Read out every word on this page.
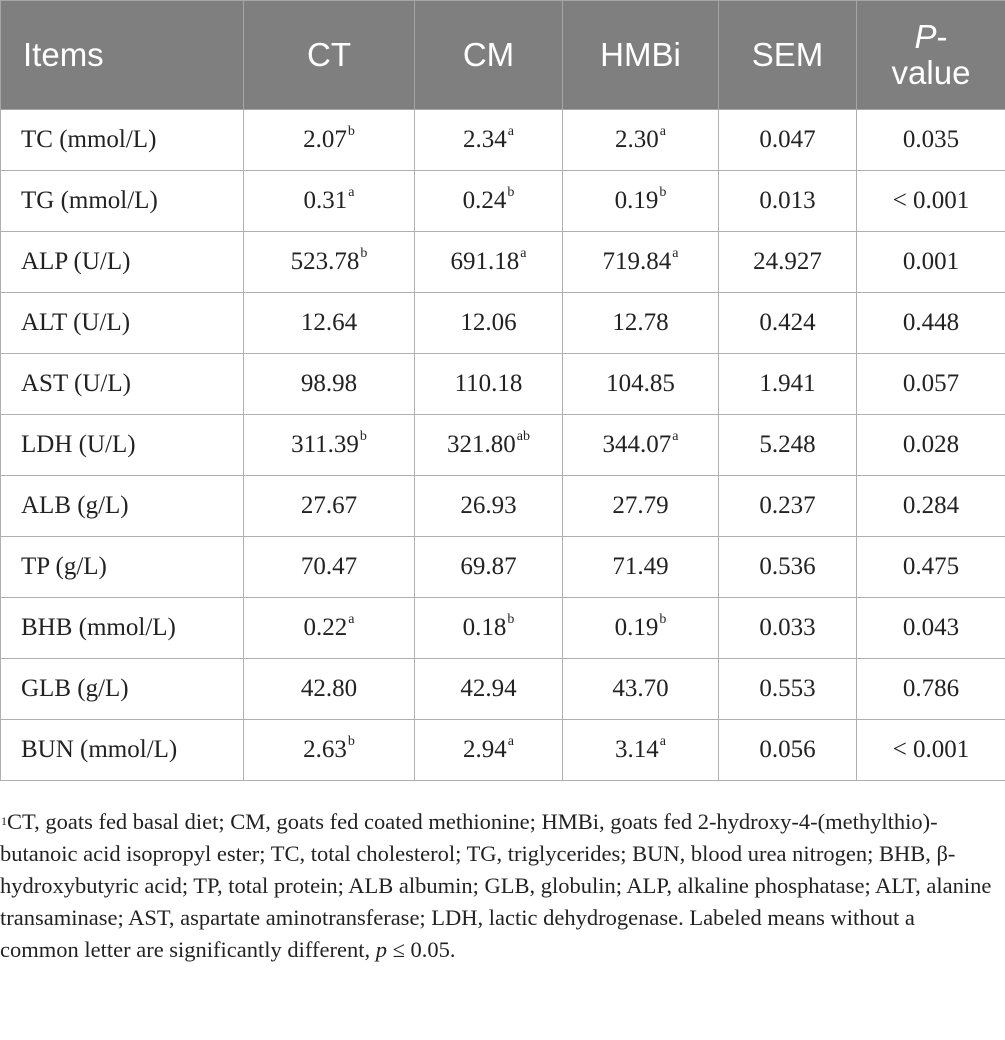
Items	CT	CM	HMBi	SEM	P-
value
TC (mmol/L)	2.07$^b$	2.34$^a$	2.30$^a$	0.047	0.035
TG (mmol/L)	0.31$^a$	0.24$^b$	0.19$^b$	0.013	< 0.001
ALP (U/L)	523.78$^b$	691.18$^a$	719.84$^a$	24.927	0.001
ALT (U/L)	12.64	12.06	12.78	0.424	0.448
AST (U/L)	98.98	110.18	104.85	1.941	0.057
LDH (U/L)	311.39$^b$	321.80$^{ab}$	344.07$^a$	5.248	0.028
ALB (g/L)	27.67	26.93	27.79	0.237	0.284
TP (g/L)	70.47	69.87	71.49	0.536	0.475
BHB (mmol/L)	0.22$^a$	0.18$^b$	0.19$^b$	0.033	0.043
GLB (g/L)	42.80	42.94	43.70	0.553	0.786
BUN (mmol/L)	2.63$^b$	2.94$^a$	3.14$^a$	0.056	< 0.001
$^1$CT, goats fed basal diet; CM, goats fed coated methionine; HMBi, goats fed 2-hydroxy-4-(methylthio)-butanoic acid isopropyl ester; TC, total cholesterol; TG, triglycerides; BUN, blood urea nitrogen; BHB, β-hydroxybutyric acid; TP, total protein; ALB albumin; GLB, globulin; ALP, alkaline phosphatase; ALT, alanine transaminase; AST, aspartate aminotransferase; LDH, lactic dehydrogenase. Labeled means without a common letter are significantly different, p ≤ 0.05.
